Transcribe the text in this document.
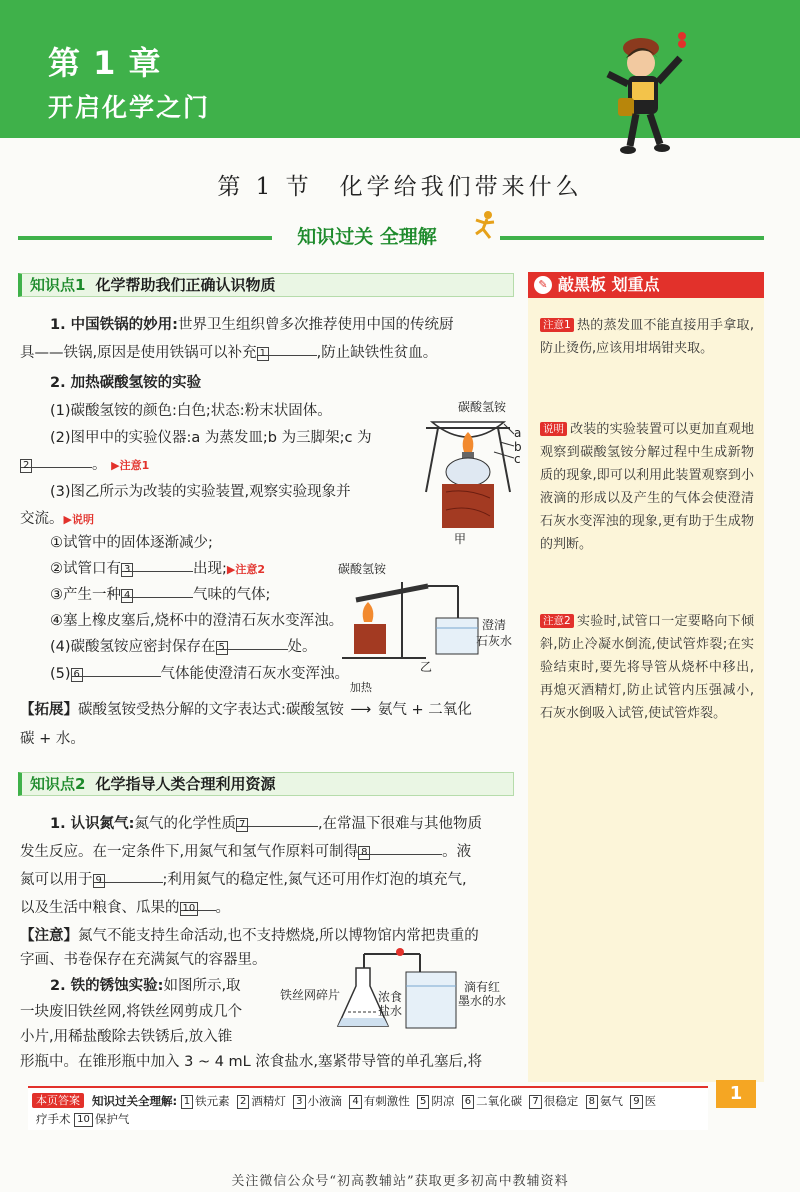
第 1 章
开启化学之门
第 1 节　化学给我们带来什么
知识过关 全理解
敲黑板 划重点
✎
注意1 热的蒸发皿不能直接用手拿取,防止烫伤,应该用坩埚钳夹取。
说明 改装的实验装置可以更加直观地观察到碳酸氢铵分解过程中生成新物质的现象,即可以利用此装置观察到小液滴的形成以及产生的气体会使澄清石灰水变浑浊的现象,更有助于生成物的判断。
注意2 实验时,试管口一定要略向下倾斜,防止冷凝水倒流,使试管炸裂;在实验结束时,要先将导管从烧杯中移出,再熄灭酒精灯,防止试管内压强减小,石灰水倒吸入试管,使试管炸裂。
知识点1 化学帮助我们正确认识物质
1. 中国铁锅的妙用:世界卫生组织曾多次推荐使用中国的传统厨
具——铁锅,原因是使用铁锅可以补充 1	,防止缺铁性贫血。
2. 加热碳酸氢铵的实验
(1)碳酸氢铵的颜色:白色;状态:粉末状固体。
(2)图甲中的实验仪器:a 为蒸发皿;b 为三脚架;c 为
2	。 ▶注意1
(3)图乙所示为改装的实验装置,观察实验现象并
交流。▶说明
①试管中的固体逐渐减少;
②试管口有 3	出现;▶注意2
③产生一种 4	气味的气体;
④塞上橡皮塞后,烧杯中的澄清石灰水变浑浊。
(4)碳酸氢铵应密封保存在 5	处。
(5) 6	气体能使澄清石灰水变浑浊。
【拓展】碳酸氢铵受热分解的文字表达式:碳酸氢铵
加热
⟶ 氨气 + 二氧化
碳 + 水。
碳酸氢铵
a
b
c
甲
碳酸氢铵
澄清
石灰水
乙
知识点2 化学指导人类合理利用资源
1. 认识氮气:氮气的化学性质 7	,在常温下很难与其他物质
发生反应。在一定条件下,用氮气和氢气作原料可制得 8	。液
氮可以用于 9	;利用氮气的稳定性,氮气还可用作灯泡的填充气,
以及生活中粮食、瓜果的 10 。
【注意】氮气不能支持生命活动,也不支持燃烧,所以博物馆内常把贵重的
字画、书卷保存在充满氮气的容器里。
2. 铁的锈蚀实验:如图所示,取
一块废旧铁丝网,将铁丝网剪成几个
小片,用稀盐酸除去铁锈后,放入锥
形瓶中。在锥形瓶中加入 3 ~ 4 mL 浓食盐水,塞紧带导管的单孔塞后,将
铁丝网碎片	浓食
盐水
滴有红
墨水的水
本页答案	知识过关全理解: 1 铁元素 2 酒精灯 3 小液滴 4 有刺激性 5 阴凉 6 二氧化碳 7 很稳定 8 氨气 9 医
疗手术 10 保护气
1
关注微信公众号“初高教辅站”获取更多初高中教辅资料
